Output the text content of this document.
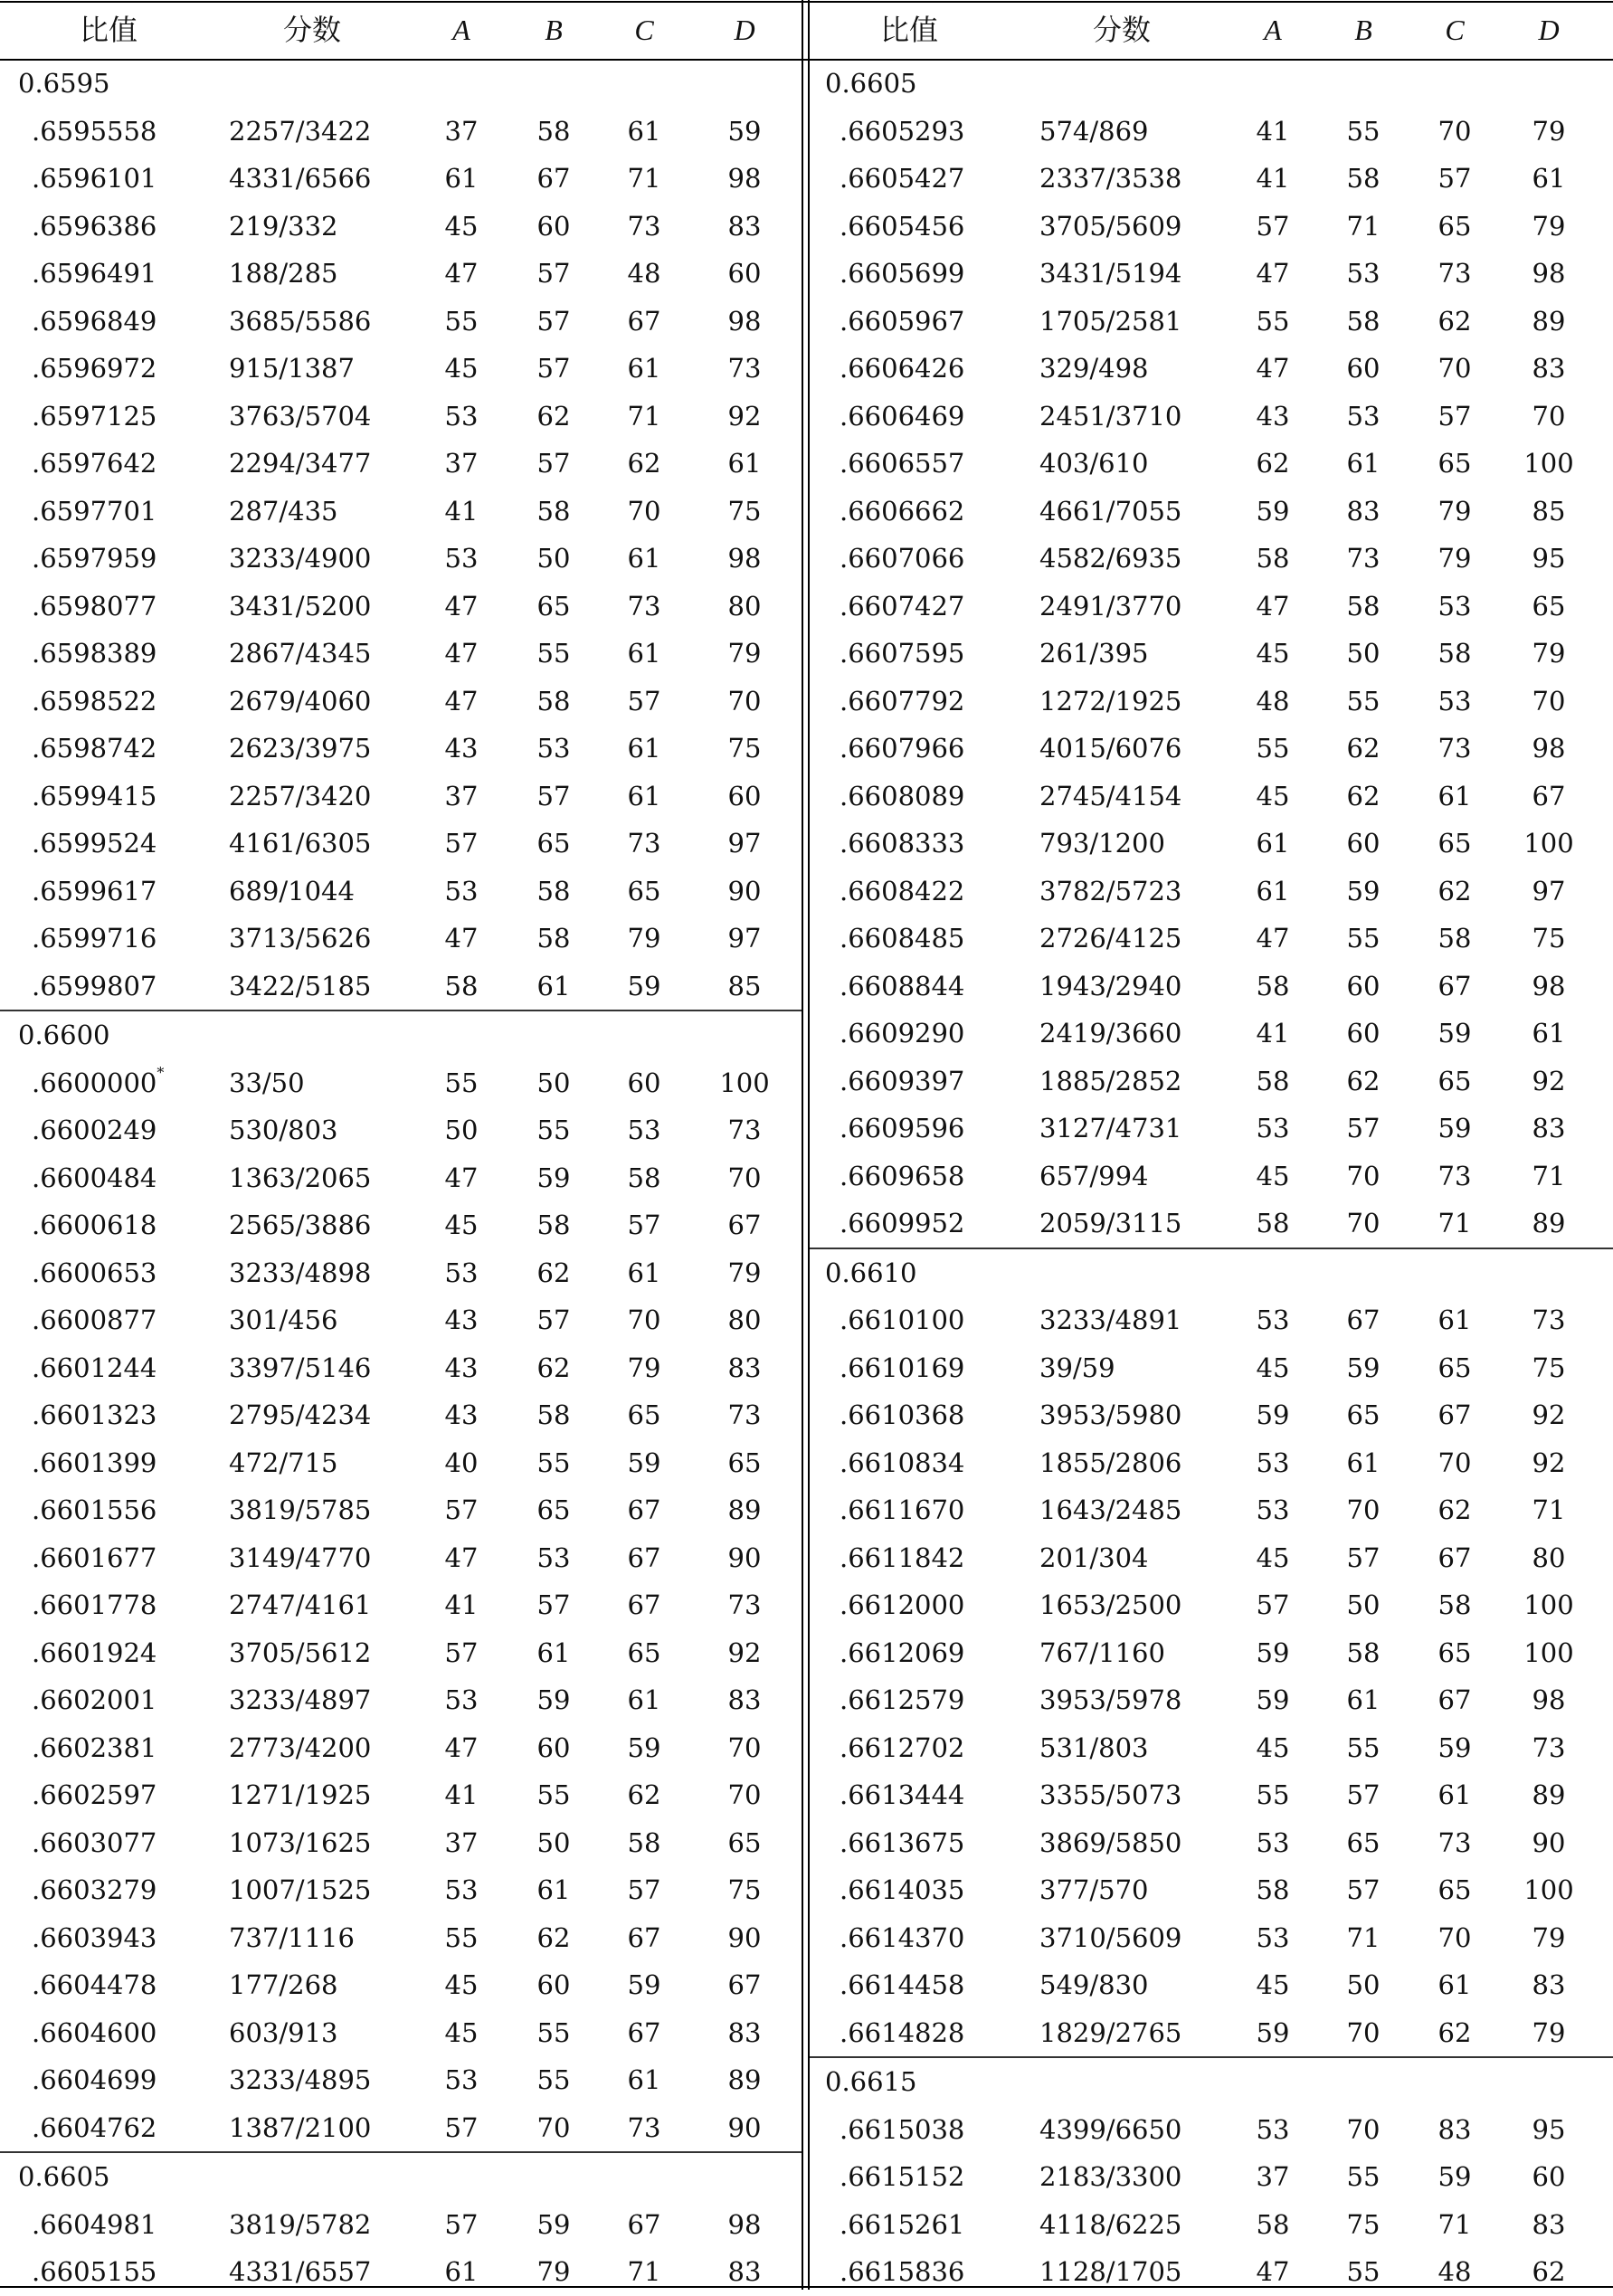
比值	分数	A	B	C	D
0.6595
.6595558	2257/3422	37	58	61	59
.6596101	4331/6566	61	67	71	98
.6596386	219/332	45	60	73	83
.6596491	188/285	47	57	48	60
.6596849	3685/5586	55	57	67	98
.6596972	915/1387	45	57	61	73
.6597125	3763/5704	53	62	71	92
.6597642	2294/3477	37	57	62	61
.6597701	287/435	41	58	70	75
.6597959	3233/4900	53	50	61	98
.6598077	3431/5200	47	65	73	80
.6598389	2867/4345	47	55	61	79
.6598522	2679/4060	47	58	57	70
.6598742	2623/3975	43	53	61	75
.6599415	2257/3420	37	57	61	60
.6599524	4161/6305	57	65	73	97
.6599617	689/1044	53	58	65	90
.6599716	3713/5626	47	58	79	97
.6599807	3422/5185	58	61	59	85
0.6600
.6600000* 33/50	55	50	60	100
.6600249	530/803	50	55	53	73
.6600484	1363/2065	47	59	58	70
.6600618	2565/3886	45	58	57	67
.6600653	3233/4898	53	62	61	79
.6600877	301/456	43	57	70	80
.6601244	3397/5146	43	62	79	83
.6601323	2795/4234	43	58	65	73
.6601399	472/715	40	55	59	65
.6601556	3819/5785	57	65	67	89
.6601677	3149/4770	47	53	67	90
.6601778	2747/4161	41	57	67	73
.6601924	3705/5612	57	61	65	92
.6602001	3233/4897	53	59	61	83
.6602381	2773/4200	47	60	59	70
.6602597	1271/1925	41	55	62	70
.6603077	1073/1625	37	50	58	65
.6603279	1007/1525	53	61	57	75
.6603943	737/1116	55	62	67	90
.6604478	177/268	45	60	59	67
.6604600	603/913	45	55	67	83
.6604699	3233/4895	53	55	61	89
.6604762	1387/2100	57	70	73	90
0.6605
.6604981	3819/5782	57	59	67	98
.6605155	4331/6557	61	79	71	83
比值	分数	A	B	C	D
0.6605
.6605293	574/869	41	55	70	79
.6605427	2337/3538	41	58	57	61
.6605456	3705/5609	57	71	65	79
.6605699	3431/5194	47	53	73	98
.6605967	1705/2581	55	58	62	89
.6606426	329/498	47	60	70	83
.6606469	2451/3710	43	53	57	70
.6606557	403/610	62	61	65	100
.6606662	4661/7055	59	83	79	85
.6607066	4582/6935	58	73	79	95
.6607427	2491/3770	47	58	53	65
.6607595	261/395	45	50	58	79
.6607792	1272/1925	48	55	53	70
.6607966	4015/6076	55	62	73	98
.6608089	2745/4154	45	62	61	67
.6608333	793/1200	61	60	65	100
.6608422	3782/5723	61	59	62	97
.6608485	2726/4125	47	55	58	75
.6608844	1943/2940	58	60	67	98
.6609290	2419/3660	41	60	59	61
.6609397	1885/2852	58	62	65	92
.6609596	3127/4731	53	57	59	83
.6609658	657/994	45	70	73	71
.6609952	2059/3115	58	70	71	89
0.6610
.6610100	3233/4891	53	67	61	73
.6610169	39/59	45	59	65	75
.6610368	3953/5980	59	65	67	92
.6610834	1855/2806	53	61	70	92
.6611670	1643/2485	53	70	62	71
.6611842	201/304	45	57	67	80
.6612000	1653/2500	57	50	58	100
.6612069	767/1160	59	58	65	100
.6612579	3953/5978	59	61	67	98
.6612702	531/803	45	55	59	73
.6613444	3355/5073	55	57	61	89
.6613675	3869/5850	53	65	73	90
.6614035	377/570	58	57	65	100
.6614370	3710/5609	53	71	70	79
.6614458	549/830	45	50	61	83
.6614828	1829/2765	59	70	62	79
0.6615
.6615038	4399/6650	53	70	83	95
.6615152	2183/3300	37	55	59	60
.6615261	4118/6225	58	75	71	83
.6615836	1128/1705	47	55	48	62
